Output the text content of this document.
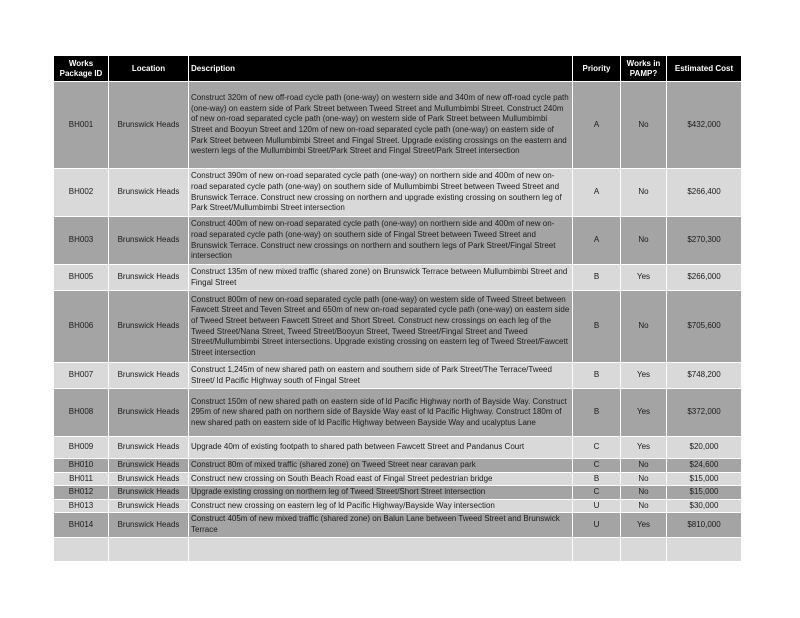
Works Package ID	Location	Description	Priority	Works in PAMP?	Estimated Cost
BH001	Brunswick Heads	Construct 320m of new off-road cycle path (one-way) on western side and 340m of new off-road cycle path (one-way) on eastern side of Park Street between Tweed Street and Mullumbimbi Street. Construct 240m of new on-road separated cycle path (one-way) on western side of Park Street between Mullumbimbi Street and Booyun Street and 120m of new on-road separated cycle path (one-way) on eastern side of Park Street between Mullumbimbi Street and Fingal Street. Upgrade existing crossings on the eastern and western legs of the Mullumbimbi Street/Park Street and Fingal Street/Park Street intersection	A	No	$432,000
BH002	Brunswick Heads	Construct 390m of new on-road separated cycle path (one-way) on northern side and 400m of new on-road separated cycle path (one-way) on southern side of Mullumbimbi Street between Tweed Street and Brunswick Terrace. Construct new crossing on northern and upgrade existing crossing on southern leg of Park Street/Mullumbimbi Street intersection	A	No	$266,400
BH003	Brunswick Heads	Construct 400m of new on-road separated cycle path (one-way) on northern side and 400m of new on-road separated cycle path (one-way) on southern side of Fingal Street between Tweed Street and Brunswick Terrace. Construct new crossings on northern and southern legs of Park Street/Fingal Street intersection	A	No	$270,300
BH005	Brunswick Heads	Construct 135m of new mixed traffic (shared zone) on Brunswick Terrace between Mullumbimbi Street and Fingal Street	B	Yes	$266,000
BH006	Brunswick Heads	Construct 800m of new on-road separated cycle path (one-way) on western side of Tweed Street between Fawcett Street and Teven Street and 650m of new on-road separated cycle path (one-way) on eastern side of Tweed Street between Fawcett Street and Short Street. Construct new crossings on each leg of the Tweed Street/Nana Street, Tweed Street/Booyun Street, Tweed Street/Fingal Street and Tweed Street/Mullumbimbi Street intersections. Upgrade existing crossing on eastern leg of Tweed Street/Fawcett Street intersection	B	No	$705,600
BH007	Brunswick Heads	Construct 1,245m of new shared path on eastern and southern side of Park Street/The Terrace/Tweed Street/ ld Pacific Highway south of Fingal Street	B	Yes	$748,200
BH008	Brunswick Heads	Construct 150m of new shared path on eastern side of ld Pacific Highway north of Bayside Way. Construct 295m of new shared path on northern side of Bayside Way east of ld Pacific Highway. Construct 180m of new shared path on eastern side of ld Pacific Highway between Bayside Way and ucalyptus Lane	B	Yes	$372,000
BH009	Brunswick Heads	Upgrade 40m of existing footpath to shared path between Fawcett Street and Pandanus Court	C	Yes	$20,000
BH010	Brunswick Heads	Construct 80m of mixed traffic (shared zone) on Tweed Street near caravan park	C	No	$24,600
BH011	Brunswick Heads	Construct new crossing on South Beach Road east of Fingal Street pedestrian bridge	B	No	$15,000
BH012	Brunswick Heads	Upgrade existing crossing on northern leg of Tweed Street/Short Street intersection	C	No	$15,000
BH013	Brunswick Heads	Construct new crossing on eastern leg of ld Pacific Highway/Bayside Way intersection	U	No	$30,000
BH014	Brunswick Heads	Construct 405m of new mixed traffic (shared zone) on Balun Lane between Tweed Street and Brunswick Terrace	U	Yes	$810,000
